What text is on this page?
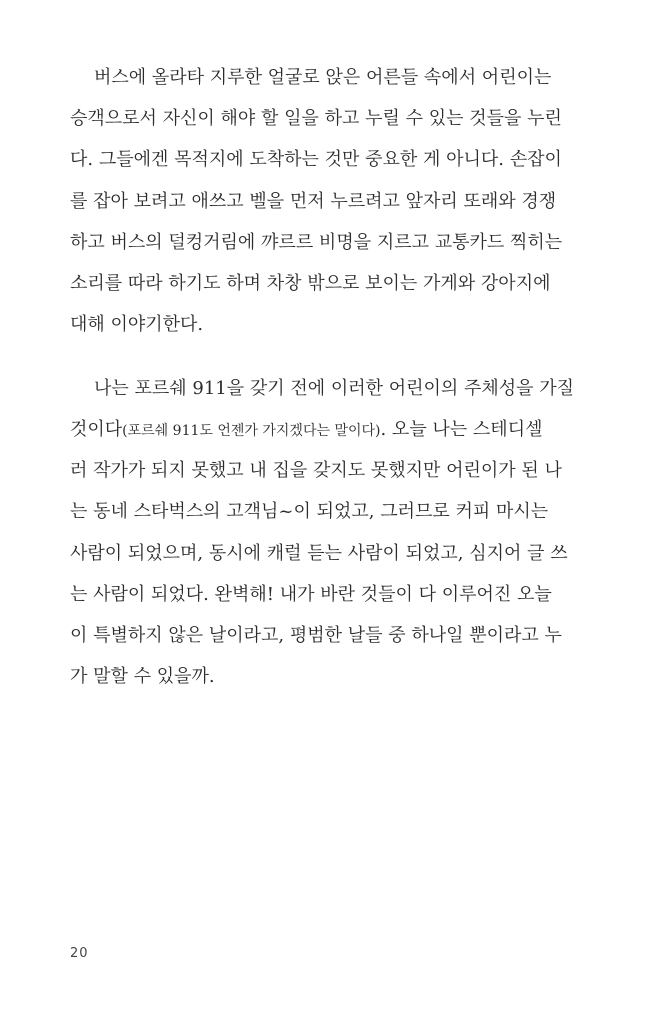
버스에 올라타 지루한 얼굴로 앉은 어른들 속에서 어린이는
승객으로서 자신이 해야 할 일을 하고 누릴 수 있는 것들을 누린
다. 그들에겐 목적지에 도착하는 것만 중요한 게 아니다. 손잡이
를 잡아 보려고 애쓰고 벨을 먼저 누르려고 앞자리 또래와 경쟁
하고 버스의 덜컹거림에 꺄르르 비명을 지르고 교통카드 찍히는
소리를 따라 하기도 하며 차창 밖으로 보이는 가게와 강아지에
대해 이야기한다.
나는 포르쉐 911을 갖기 전에 이러한 어린이의 주체성을 가질
것이다(포르쉐 911도 언젠가 가지겠다는 말이다). 오늘 나는 스테디셀
러 작가가 되지 못했고 내 집을 갖지도 못했지만 어린이가 된 나
는 동네 스타벅스의 고객님~이 되었고, 그러므로 커피 마시는
사람이 되었으며, 동시에 캐럴 듣는 사람이 되었고, 심지어 글 쓰
는 사람이 되었다. 완벽해! 내가 바란 것들이 다 이루어진 오늘
이 특별하지 않은 날이라고, 평범한 날들 중 하나일 뿐이라고 누
가 말할 수 있을까.
20
